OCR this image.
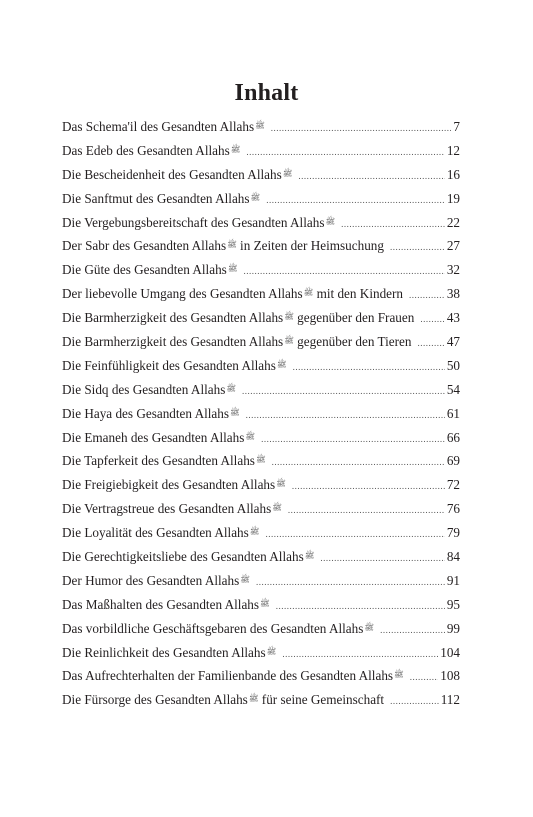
Inhalt
Das Schema'il des Gesandten Allahs$^ﷺ$ .....	7
Das Edeb des Gesandten Allahs$^ﷺ$ .....	12
Die Bescheidenheit des Gesandten Allahs$^ﷺ$ .....	16
Die Sanftmut des Gesandten Allahs$^ﷺ$ .....	19
Die Vergebungsbereitschaft des Gesandten Allahs$^ﷺ$ .....	22
Der Sabr des Gesandten Allahs$^ﷺ$ in Zeiten der Heimsuchung .....	27
Die Güte des Gesandten Allahs$^ﷺ$ .....	32
Der liebevolle Umgang des Gesandten Allahs$^ﷺ$ mit den Kindern .....	38
Die Barmherzigkeit des Gesandten Allahs$^ﷺ$ gegenüber den Frauen ..... 43
Die Barmherzigkeit des Gesandten Allahs$^ﷺ$ gegenüber den Tieren .....	47
Die Feinfühligkeit des Gesandten Allahs$^ﷺ$ .....	50
Die Sidq des Gesandten Allahs$^ﷺ$ .....	54
Die Haya des Gesandten Allahs$^ﷺ$ .....	61
Die Emaneh des Gesandten Allahs$^ﷺ$ .....	66
Die Tapferkeit des Gesandten Allahs$^ﷺ$ .....	69
Die Freigiebigkeit des Gesandten Allahs$^ﷺ$ .....	72
Die Vertragstreue des Gesandten Allahs$^ﷺ$ .....	76
Die Loyalität des Gesandten Allahs$^ﷺ$ .....	79
Die Gerechtigkeitsliebe des Gesandten Allahs$^ﷺ$ .....	84
Der Humor des Gesandten Allahs$^ﷺ$ .....	91
Das Maßhalten des Gesandten Allahs$^ﷺ$ .....	95
Das vorbildliche Geschäftsgebaren des Gesandten Allahs$^ﷺ$ .....	99
Die Reinlichkeit des Gesandten Allahs$^ﷺ$ .....	104
Das Aufrechterhalten der Familienbande des Gesandten Allahs$^ﷺ$ .....	108
Die Fürsorge des Gesandten Allahs$^ﷺ$ für seine Gemeinschaft .....	112
